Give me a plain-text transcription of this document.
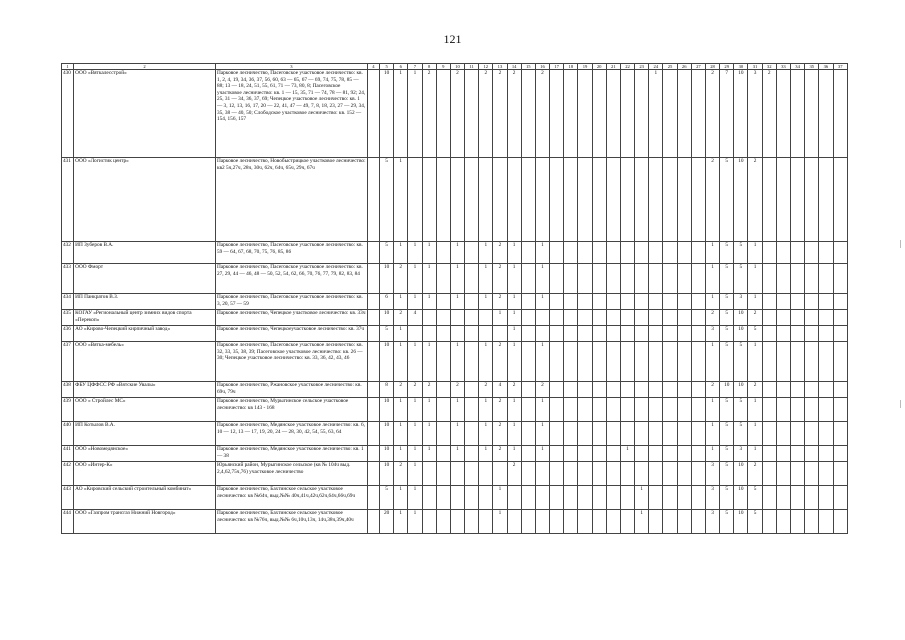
121
1	2	3	4	5	6	7	8	9	10	11	12	13	14	15	16	17	18	19	20	21	22	23	24	25	26	27	28	29	30	31	32	33	34	35	36	37
430	ООО «Вяткалесстрой»	Парковое лесничество, Пасеговское участковое лесничество: кв. 1, 2, 4, 19, 34, 36, 37, 56, 60, 63 — 65, 67 — 69, 74, 75, 78, 85 — 88; 13 — 18, 24, 51, 55, 61, 71 — 73, 80, 8; Пасеговское участковое лесничество: кв. 1 — 15, 35, 71 — 74, 78 — 81, 92; 24, 25, 31 — 34, 36, 37, 69; Чепецкое участковое лесничество: кв. 1 — 3, 12, 13, 16, 17, 20 — 22, 41, 47 — 49, 7, 8, 18, 23, 27 — 29, 34, 35, 38 — 40, 50; Слободское участковое лесничество: кв. 152 — 154, 156, 157		10	1	1	2		2		2	2	2		2								1				2	7	10	3	2					
431	ООО «Логистик центр»	Парковое лесничество, Новобыстрицкое участковое лесничество: кв2 5ч,27ч, 28ч, 30ч, 62ч, 64ч, 65ч, 29ч, 67ч		5	1																						2	5	10	2						
432	ИП Зуберов В.А.	Парковое лесничество, Пасеговское участковое лесничество: кв. 59 — 64, 67, 68, 70, 75, 76, 85, 86		5	1	1	1		1		1	2	1		1												1	5	5	1						
433	ООО Фморт	Парковое лесничество, Пасеговское участковое лесничество: кв. 27, 29, 44 — 46, 48 — 50, 52, 54, 62, 66, 70, 76, 77, 79, 82, 83, 84		10	2	1	1		1		1	2	1		1												1	5	5	1						
434	ИП Панкратов В.З.	Парковое лесничество, Пасеговское участковое лесничество: кв. 3, 20, 57 — 59		6	1	1	1		1		1	2	1		1												1	5	3	1						
435	КОГАУ «Региональный центр зимних видов спорта «Перекоп»	Парковое лесничество, Чепецкое участковое лесничество: кв. 33ч		10	2	4						1	1														2	5	10	2						
436	АО «Кирово-Чепецкий кирпичный завод»	Парковое лесничество, Чепецкоеучастковое лесничество: кв. 37ч		5	1								1														3	5	10	5						
437	ООО «Вятка-мебель»	Парковое лесничество, Пасеговское участковое лесничество: кв. 32, 33, 35, 38, 39; Пасеговское участковое лесничество: кв. 26 — 30; Чепецкое участковое лесничество: кв. 33, 36, 42, 43, 46		10	1	1	1		1		1	2	1		1												1	5	5	1						
438	ФБУ ЦФФСС РФ «Вятские Увалы»	Парковое лесничество, Ржановское участковое лесничество: кв. 69ч, 79ч		8	2	2	2		2		2	4	2		2												2	10	10	2						
439	ООО « Стройлес МС»	Парковое лесничество, Мурыгинское сельское участковое лесничество: кв 143 - 168		10	1	1	1		1		1	2	1		1												1	5	5	1						
440	ИП Котылов В.А.	Парковое лесничество, Медянское участковое лесничество: кв. 6, 10 — 12, 13 — 17, 19, 20, 24 — 28, 30, 42, 54, 55, 63, 64		10	1	1	1		1		1	2	1		1												1	5	5	1						
441	ООО «Новомедянское»	Парковое лесничество, Медянское участковое лесничество: кв. 1 — 38		10	1	1	1		1		1	2	1		1						1						1	5	3	1						
442	ООО «Интер-К»	Юрьянский район, Мурыгинское сельское (кв № 104ч выд. 2,4,62,75ч,76) участковое лесничество		10	2	1							2														3	5	10	2						
443	АО «Кировский сельский строительный комбинат»	Парковое лесничество, Бахтинское сельское участковое лесничество: кв №64ч, выд.№№ 40ч,41ч,42ч,62ч,64ч,66ч,69ч		5	1	1						1										1					3	5	10	5						
444	ООО «Газпром трансгаз Нижний Новгород»	Парковое лесничество, Бахтинское сельское участковое лесничество: кв №76ч, выд.№№ 6ч,10ч,13ч, 14ч,38ч,39ч,40ч		20	1	1						1										1					3	5	10	5						
